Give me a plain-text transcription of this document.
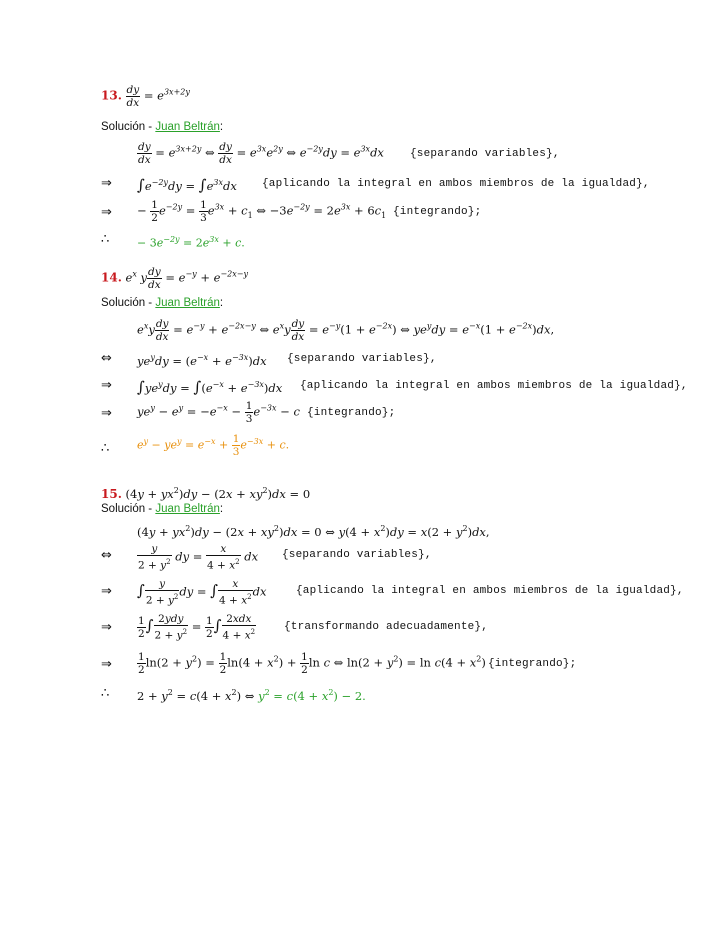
13. $\frac{dy}{dx} = e^{3x+2y}$
Solución - Juan Beltrán:
$\frac{dy}{dx} = e^{3x+2y}$ ⇔ $\frac{dy}{dx} = e^{3x}e^{2y}$ ⇔ $e^{-2y}dy = e^{3x}dx$ {separando variables},
⇒ $\int e^{-2y}dy = \int e^{3x}dx$ {aplicando la integral en ambos miembros de la igualdad},
⇒ − $\frac{1}{2} e^{-2y} = \frac{1}{3} e^{3x} + c_1$ ⇔ $-3e^{-2y} = 2e^{3x} + 6c_1$ {integrando};
∴	− $3e^{-2y} = 2e^{3x} + c$.
14. $e^x$ y $\frac{dy}{dx} = e^{-y} + e^{-2x-y}$
Solución - Juan Beltrán:
$e^xy \frac{dy}{dx} = e^{-y} + e^{-2x-y}$ ⇔ $e^xy \frac{dy}{dx} = e^{-y}(1 + e^{-2x})$ ⇔ $ye^ydy = e^{-x}(1 + e^{-2x})dx$,
⇔ $ye^ydy = (e^{-x} + e^{-3x})dx$ {separando variables},
⇒ $\int ye^ydy = \int(e^{-x} + e^{-3x})dx$ {aplicando la integral en ambos miembros de la igualdad},
⇒ $ye^y - e^y = -e^{-x} - \frac{1}{3} e^{-3x} - c$ {integrando};
∴	$e^y - ye^y = e^{-x} + \frac{1}{3} e^{-3x} + c$.
15. $(4y + yx^2)dy - (2x + xy^2)dx = 0$
Solución - Juan Beltrán:
$(4y + yx^2)dy - (2x + xy^2)dx = 0$ ⇔ $y(4 + x^2)dy = x(2 + y^2)dx$,
⇔ $\frac{y}{2 + y^2}$ dy = $\frac{x}{4 + x^2}$ dx {separando variables},
⇒ ∫ $\frac{y}{2 + y^2}$ dy = ∫ $\frac{x}{4 + x^2}$ dx	{aplicando la integral en ambos miembros de la igualdad},
⇒ $\frac{1}{2}$ ∫ $\frac{\text{2ydy}}{2 + y^2} = \frac{1}{2}$ ∫ $\frac{\text{2xdx}}{4 + x^2}$	{transformando adecuadamente},
⇒ $\frac{1}{2} \ln(2 + y^2) = \frac{1}{2} \ln(4 + x^2) + \frac{1}{2}$ ln c ⇔ $\ln(2 + y^2) = \ln c(4 + x^2)$ {integrando};
∴ $2 + y^2 = c(4 + x^2)$ ⇔ $y^2 = c(4 + x^2) - 2$.
